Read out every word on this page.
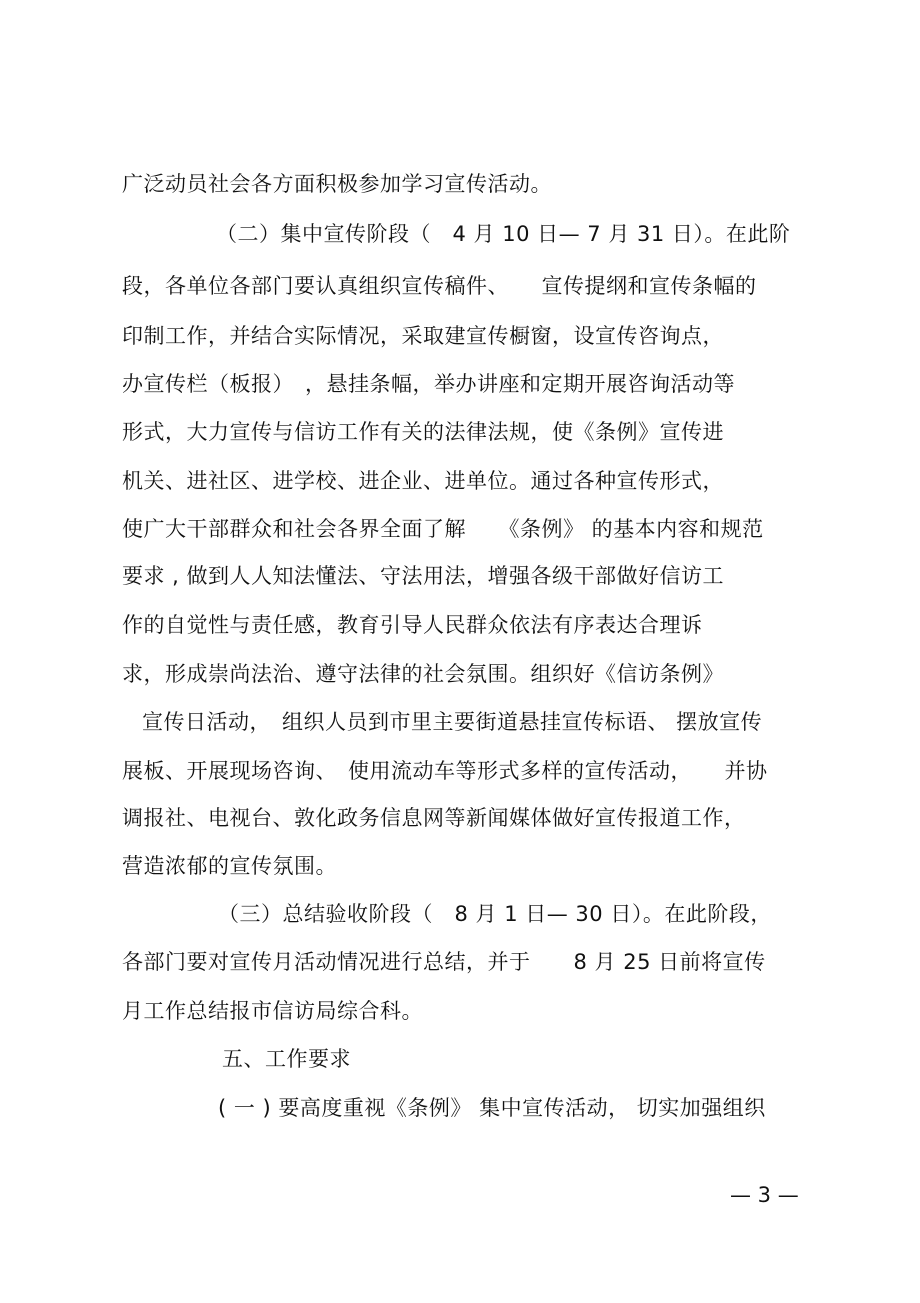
广泛动员社会各方面积极参加学习宣传活动。
（二）集中宣传阶段（　4 月 10 日— 7 月 31 日）。在此阶
段，各单位各部门要认真组织宣传稿件、　　宣传提纲和宣传条幅的
印制工作，并结合实际情况，采取建宣传橱窗，设宣传咨询点，
办宣传栏（板报）　，悬挂条幅，举办讲座和定期开展咨询活动等
形式，大力宣传与信访工作有关的法律法规，使《条例》宣传进
机关、进社区、进学校、进企业、进单位。通过各种宣传形式，
使广大干部群众和社会各界全面了解　　《条例》 的基本内容和规范
要求 , 做到人人知法懂法、守法用法，增强各级干部做好信访工
作的自觉性与责任感，教育引导人民群众依法有序表达合理诉
求，形成崇尚法治、遵守法律的社会氛围。组织好《信访条例》
宣传日活动，　组织人员到市里主要街道悬挂宣传标语、 摆放宣传
展板、开展现场咨询、　使用流动车等形式多样的宣传活动，　　并协
调报社、电视台、敦化政务信息网等新闻媒体做好宣传报道工作，
营造浓郁的宣传氛围。
（三）总结验收阶段（　8 月 1 日— 30 日）。在此阶段，
各部门要对宣传月活动情况进行总结，并于　　8 月 25 日前将宣传
月工作总结报市信访局综合科。
五、工作要求
( 一 ) 要高度重视《条例》 集中宣传活动， 切实加强组织
— 3 —
